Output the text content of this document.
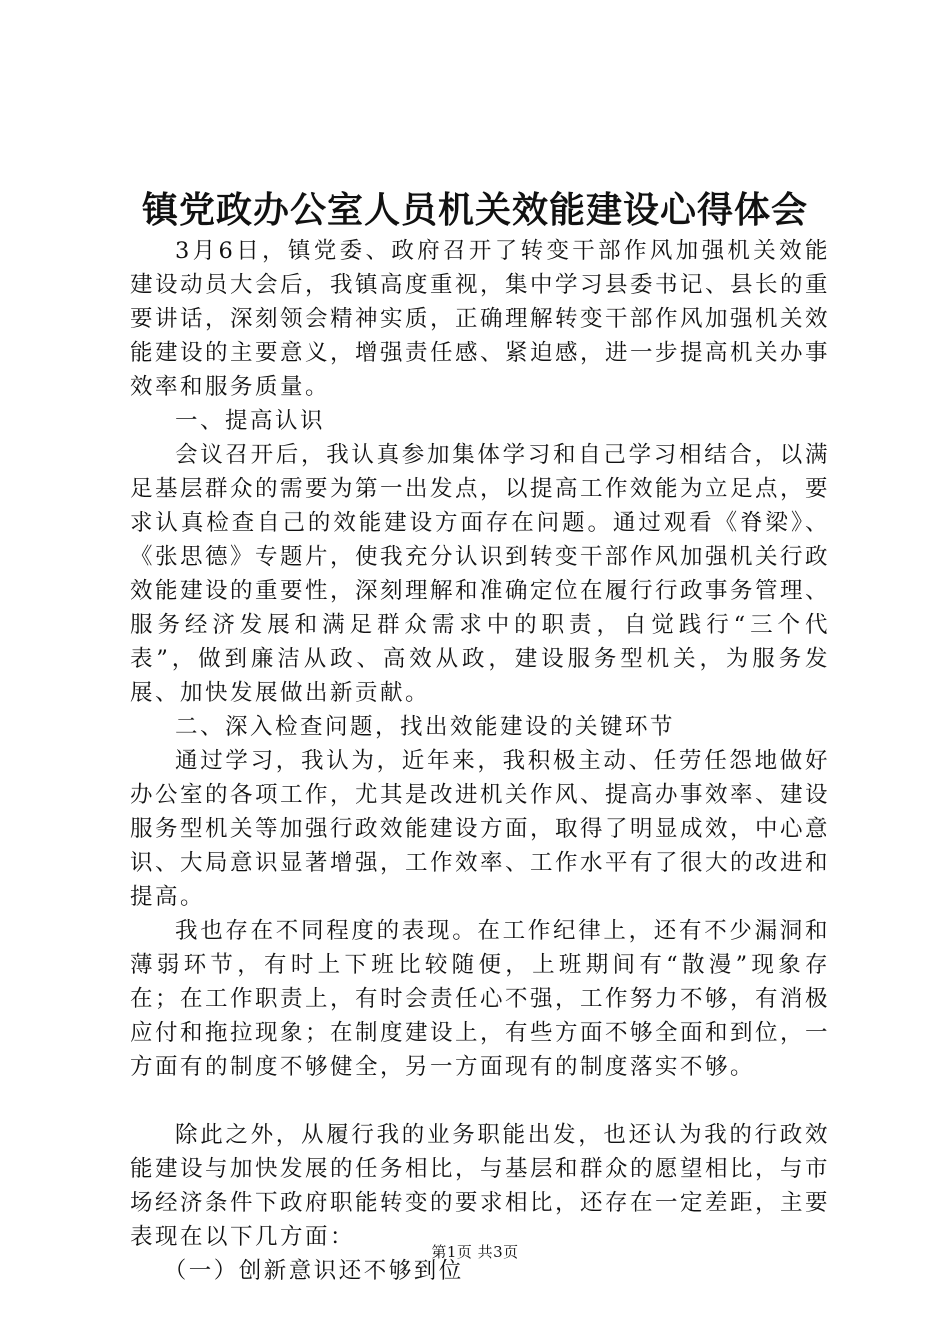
镇党政办公室人员机关效能建设心得体会

3月6日，镇党委、政府召开了转变干部作风加强机关效能建设动员大会后，我镇高度重视，集中学习县委书记、县长的重要讲话，深刻领会精神实质，正确理解转变干部作风加强机关效能建设的主要意义，增强责任感、紧迫感，进一步提高机关办事效率和服务质量。

一、提高认识

会议召开后，我认真参加集体学习和自己学习相结合，以满足基层群众的需要为第一出发点，以提高工作效能为立足点，要求认真检查自己的效能建设方面存在问题。通过观看《脊梁》、《张思德》专题片，使我充分认识到转变干部作风加强机关行政效能建设的重要性，深刻理解和准确定位在履行行政事务管理、服务经济发展和满足群众需求中的职责，自觉践行“三个代表”，做到廉洁从政、高效从政，建设服务型机关，为服务发展、加快发展做出新贡献。

二、深入检查问题，找出效能建设的关键环节

通过学习，我认为，近年来，我积极主动、任劳任怨地做好办公室的各项工作，尤其是改进机关作风、提高办事效率、建设服务型机关等加强行政效能建设方面，取得了明显成效，中心意识、大局意识显著增强，工作效率、工作水平有了很大的改进和提高。

我也存在不同程度的表现。在工作纪律上，还有不少漏洞和薄弱环节，有时上下班比较随便，上班期间有“散漫”现象存在；在工作职责上，有时会责任心不强，工作努力不够，有消极应付和拖拉现象；在制度建设上，有些方面不够全面和到位，一方面有的制度不够健全，另一方面现有的制度落实不够。

除此之外，从履行我的业务职能出发，也还认为我的行政效能建设与加快发展的任务相比，与基层和群众的愿望相比，与市场经济条件下政府职能转变的要求相比，还存在一定差距，主要表现在以下几方面：

（一）创新意识还不够到位

第1页 共3页
